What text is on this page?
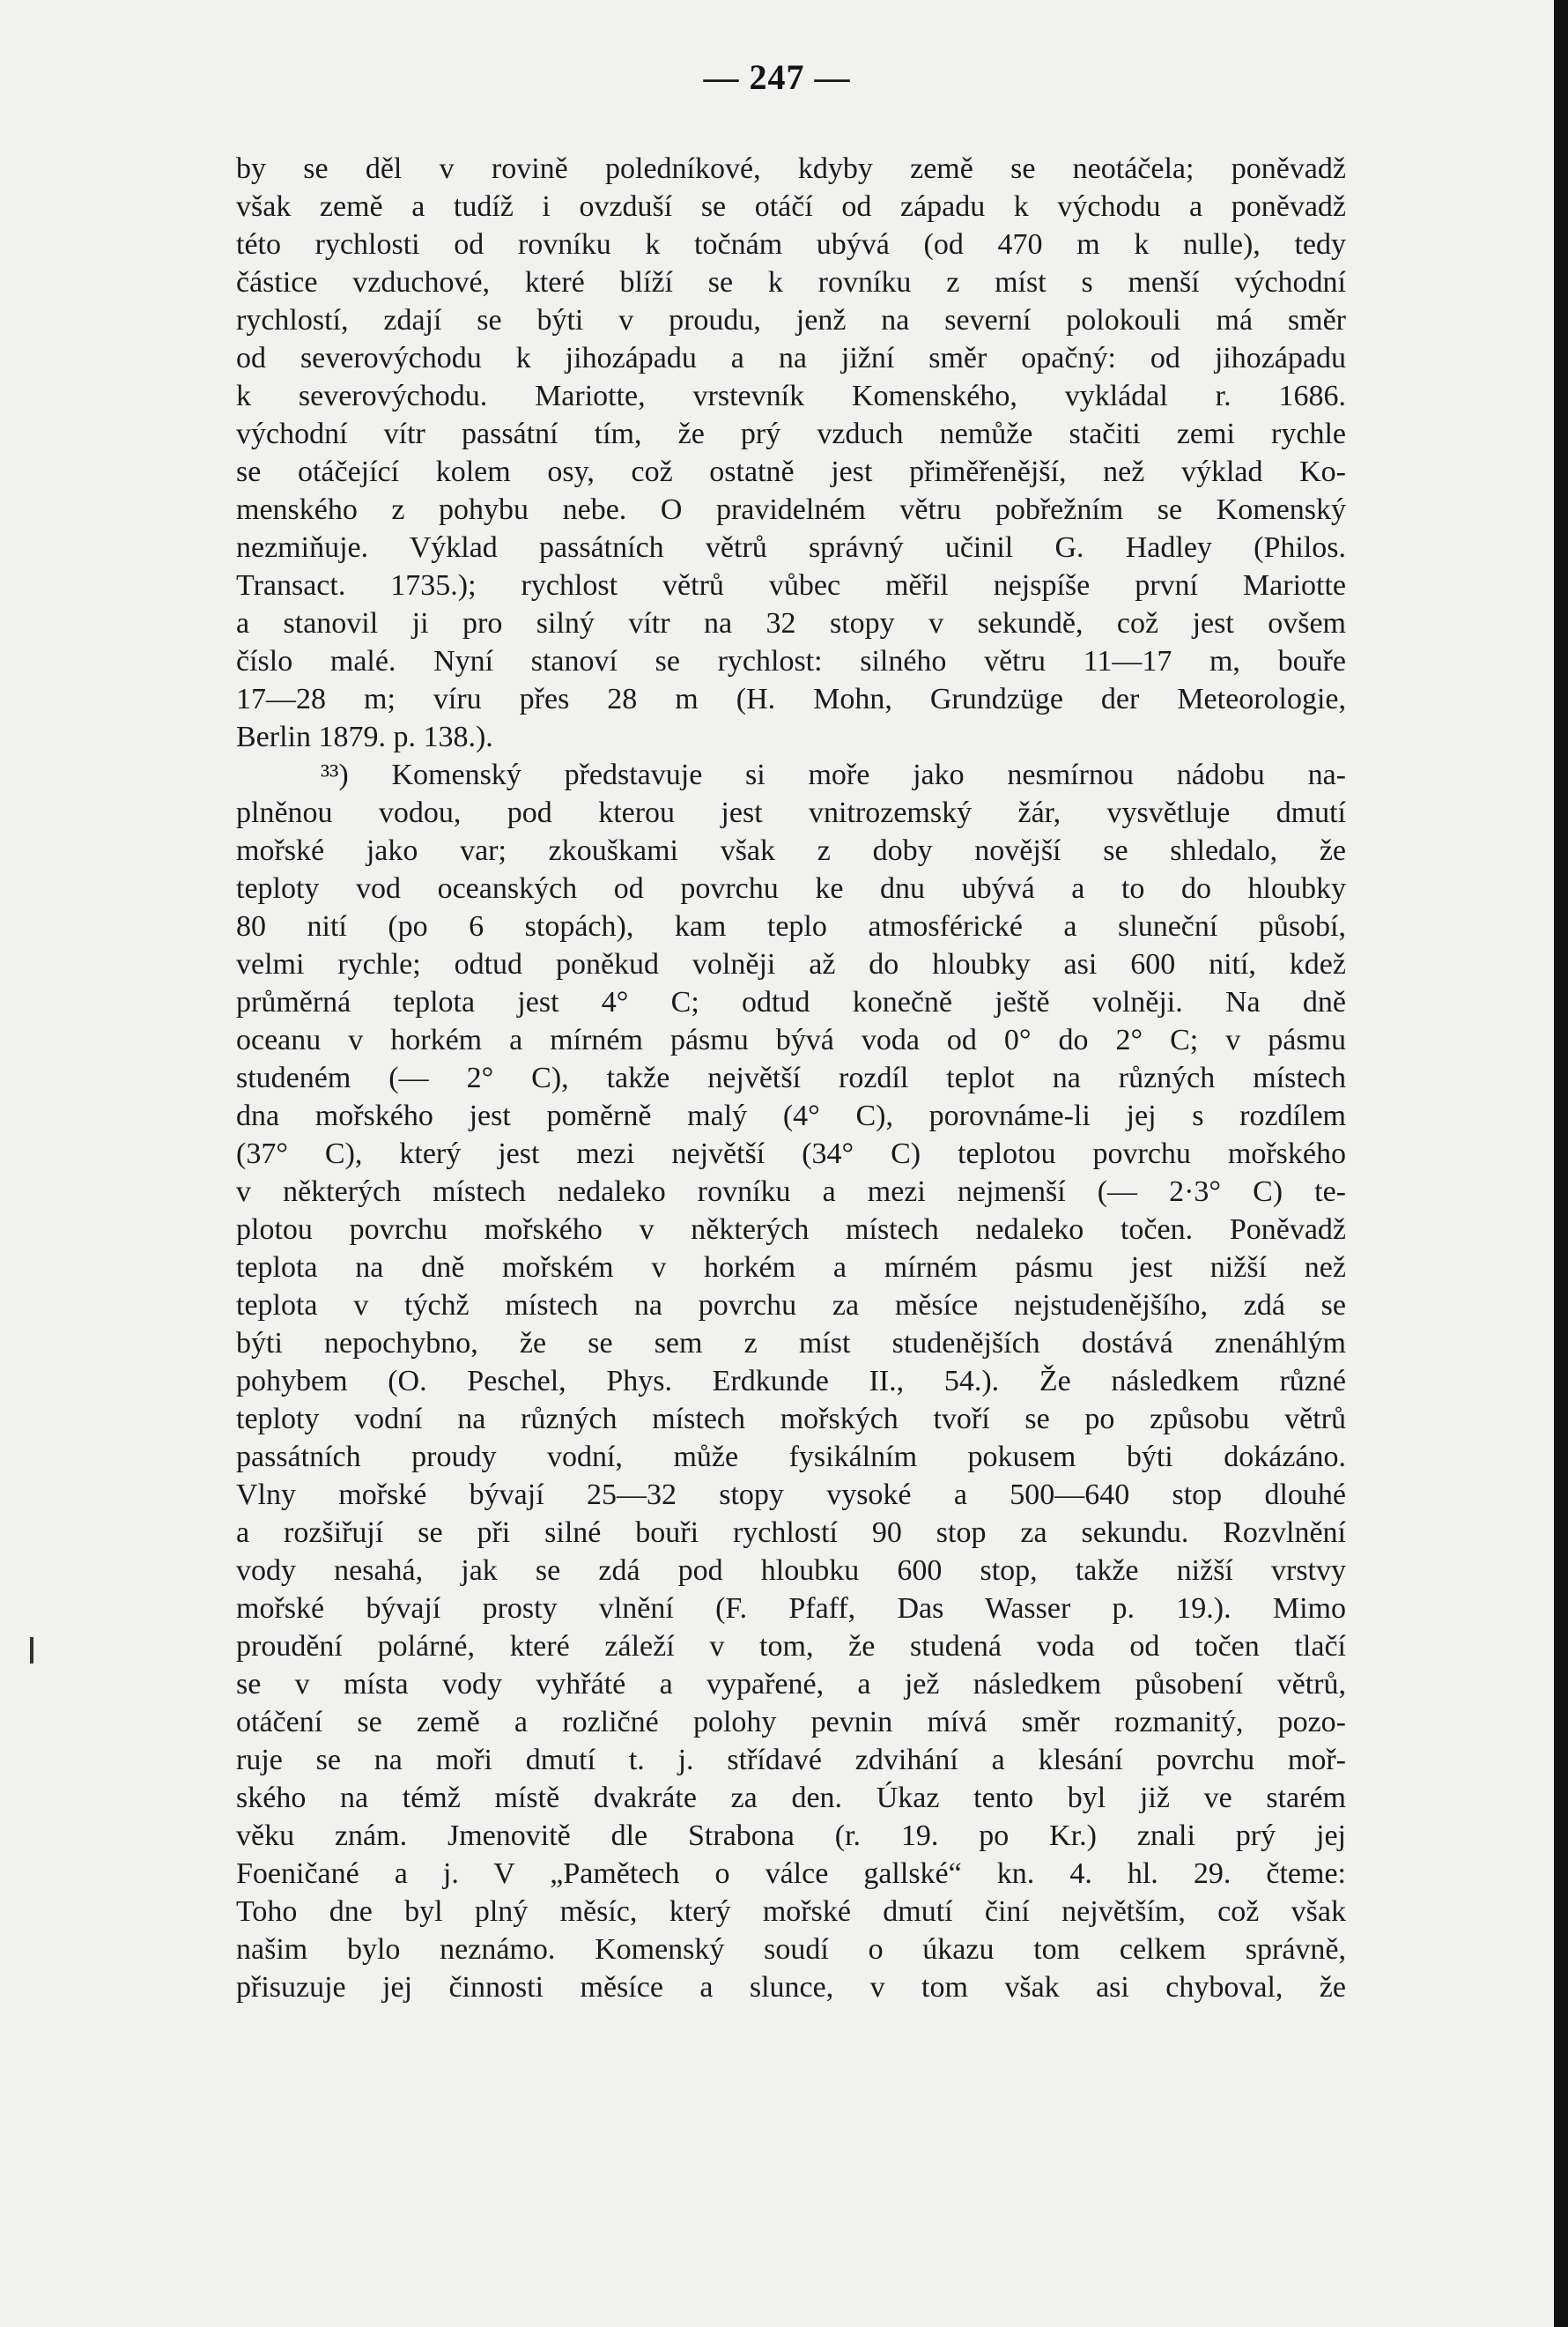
— 247 —
by se děl v rovině poledníkové, kdyby země se neotáčela; poněvadž
však země a tudíž i ovzduší se otáčí od západu k východu a poněvadž
této rychlosti od rovníku k točnám ubývá (od 470 m k nulle), tedy
částice vzduchové, které blíží se k rovníku z míst s menší východní
rychlostí, zdají se býti v proudu, jenž na severní polokouli má směr
od severovýchodu k jihozápadu a na jižní směr opačný: od jihozápadu
k severovýchodu. Mariotte, vrstevník Komenského, vykládal r. 1686.
východní vítr passátní tím, že prý vzduch nemůže stačiti zemi rychle
se otáčející kolem osy, což ostatně jest přiměřenější, než výklad Ko-
menského z pohybu nebe. O pravidelném větru pobřežním se Komenský
nezmiňuje. Výklad passátních větrů správný učinil G. Hadley (Philos.
Transact. 1735.); rychlost větrů vůbec měřil nejspíše první Mariotte
a stanovil ji pro silný vítr na 32 stopy v sekundě, což jest ovšem
číslo malé. Nyní stanoví se rychlost: silného větru 11—17 m, bouře
17—28 m; víru přes 28 m (H. Mohn, Grundzüge der Meteorologie,
Berlin 1879. p. 138.).
³³) Komenský představuje si moře jako nesmírnou nádobu na-
plněnou vodou, pod kterou jest vnitrozemský žár, vysvětluje dmutí
mořské jako var; zkouškami však z doby novější se shledalo, že
teploty vod oceanských od povrchu ke dnu ubývá a to do hloubky
80 nití (po 6 stopách), kam teplo atmosférické a sluneční působí,
velmi rychle; odtud poněkud volněji až do hloubky asi 600 nití, kdež
průměrná teplota jest 4° C; odtud konečně ještě volněji. Na dně
oceanu v horkém a mírném pásmu bývá voda od 0° do 2° C; v pásmu
studeném (— 2° C), takže největší rozdíl teplot na různých místech
dna mořského jest poměrně malý (4° C), porovnáme-li jej s rozdílem
(37° C), který jest mezi největší (34° C) teplotou povrchu mořského
v některých místech nedaleko rovníku a mezi nejmenší (— 2·3° C) te-
plotou povrchu mořského v některých místech nedaleko točen. Poněvadž
teplota na dně mořském v horkém a mírném pásmu jest nižší než
teplota v týchž místech na povrchu za měsíce nejstudenějšího, zdá se
býti nepochybno, že se sem z míst studenějších dostává znenáhlým
pohybem (O. Peschel, Phys. Erdkunde II., 54.). Že následkem různé
teploty vodní na různých místech mořských tvoří se po způsobu větrů
passátních proudy vodní, může fysikálním pokusem býti dokázáno.
Vlny mořské bývají 25—32 stopy vysoké a 500—640 stop dlouhé
a rozšiřují se při silné bouři rychlostí 90 stop za sekundu. Rozvlnění
vody nesahá, jak se zdá pod hloubku 600 stop, takže nižší vrstvy
mořské bývají prosty vlnění (F. Pfaff, Das Wasser p. 19.). Mimo
proudění polárné, které záleží v tom, že studená voda od točen tlačí
se v místa vody vyhřáté a vypařené, a jež následkem působení větrů,
otáčení se země a rozličné polohy pevnin mívá směr rozmanitý, pozo-
ruje se na moři dmutí t. j. střídavé zdvihání a klesání povrchu moř-
ského na témž místě dvakráte za den. Úkaz tento byl již ve starém
věku znám. Jmenovitě dle Strabona (r. 19. po Kr.) znali prý jej
Foeničané a j. V „Pamětech o válce gallské“ kn. 4. hl. 29. čteme:
Toho dne byl plný měsíc, který mořské dmutí činí největším, což však
našim bylo neznámo. Komenský soudí o úkazu tom celkem správně,
přisuzuje jej činnosti měsíce a slunce, v tom však asi chyboval, že
